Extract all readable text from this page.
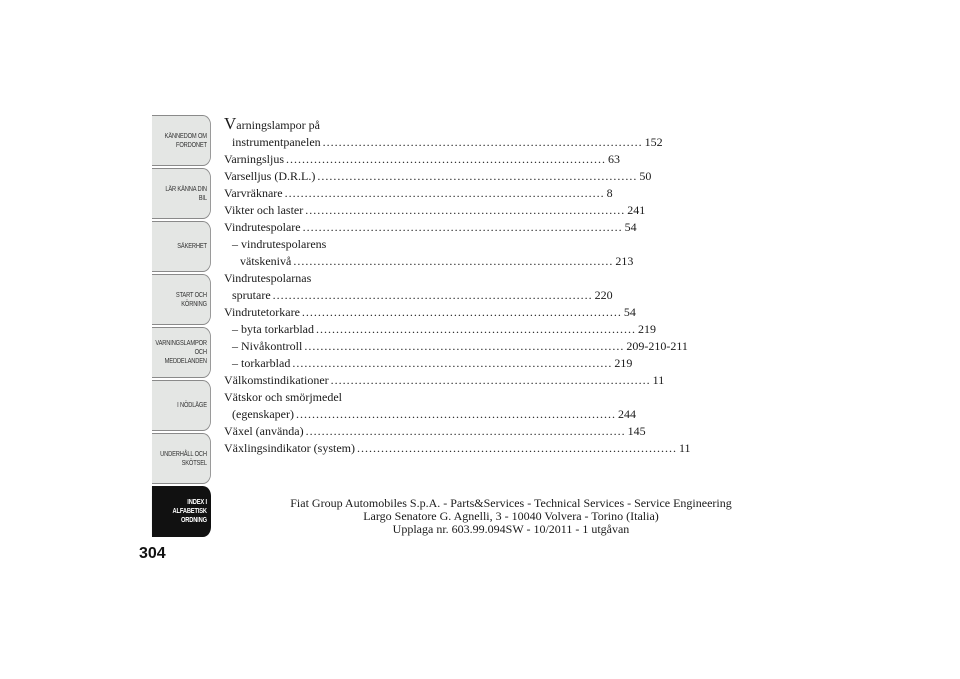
KÄNNEDOM OM
FORDONET
LÄR KÄNNA DIN
BIL
SÄKERHET
START OCH
KÖRNING
VARNINGSLAMPOR
OCH
MEDDELANDEN
I NÖDLÄGE
UNDERHÅLL OCH
SKÖTSEL
INDEX I
ALFABETISK
ORDNING
304
Varningslampor på
instrumentpanelen ................................................................................ 152
Varningsljus ................................................................................ 63
Varselljus (D.R.L.) ................................................................................ 50
Varvräknare ................................................................................ 8
Vikter och laster ................................................................................ 241
Vindrutespolare ................................................................................ 54
– vindrutespolarens
vätskenivå ................................................................................ 213
Vindrutespolarnas
sprutare ................................................................................ 220
Vindrutetorkare ................................................................................ 54
– byta torkarblad ................................................................................ 219
– Nivåkontroll ................................................................................ 209-210-211
– torkarblad ................................................................................ 219
Välkomstindikationer ................................................................................ 11
Vätskor och smörjmedel
(egenskaper) ................................................................................ 244
Växel (använda) ................................................................................ 145
Växlingsindikator (system) ................................................................................ 11
Fiat Group Automobiles S.p.A. - Parts&Services - Technical Services - Service Engineering
Largo Senatore G. Agnelli, 3 - 10040 Volvera - Torino (Italia)
Upplaga nr. 603.99.094SW - 10/2011 - 1 utgåvan
